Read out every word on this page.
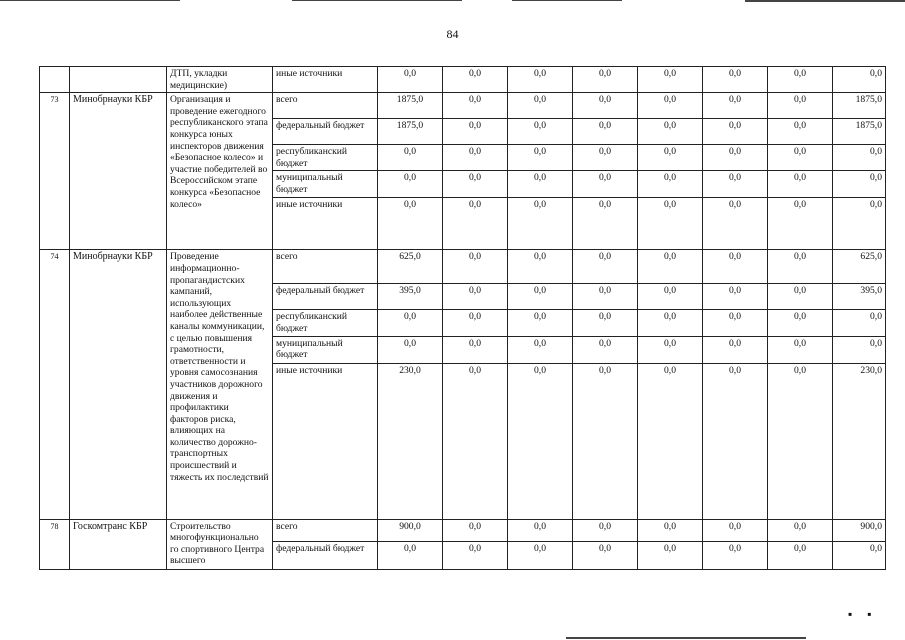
84
		ДТП, укладки медицинские)	иные источники	0,0	0,0	0,0	0,0	0,0	0,0	0,0	0,0
73	Минобрнауки КБР	Организация и проведение ежегодного республиканского этапа конкурса юных инспекторов движения «Безопасное колесо» и участие победителей во Всероссийском этапе конкурса «Безопасное колесо»	всего	1875,0	0,0	0,0	0,0	0,0	0,0	0,0	1875,0
			федеральный бюджет	1875,0	0,0	0,0	0,0	0,0	0,0	0,0	1875,0
			республиканский бюджет	0,0	0,0	0,0	0,0	0,0	0,0	0,0	0,0
			муниципальный бюджет	0,0	0,0	0,0	0,0	0,0	0,0	0,0	0,0
			иные источники	0,0	0,0	0,0	0,0	0,0	0,0	0,0	0,0
74	Минобрнауки КБР	Проведение информационно-пропагандистских кампаний, использующих наиболее действенные каналы коммуникации, с целью повышения грамотности, ответственности и уровня самосознания участников дорожного движения и профилактики факторов риска, влияющих на количество дорожно-транспортных происшествий и тяжесть их последствий	всего	625,0	0,0	0,0	0,0	0,0	0,0	0,0	625,0
			федеральный бюджет	395,0	0,0	0,0	0,0	0,0	0,0	0,0	395,0
			республиканский бюджет	0,0	0,0	0,0	0,0	0,0	0,0	0,0	0,0
			муниципальный бюджет	0,0	0,0	0,0	0,0	0,0	0,0	0,0	0,0
			иные источники	230,0	0,0	0,0	0,0	0,0	0,0	0,0	230,0
78	Госкомтранс КБР	Строительство многофункционально го спортивного Центра высшего	всего	900,0	0,0	0,0	0,0	0,0	0,0	0,0	900,0
			федеральный бюджет	0,0	0,0	0,0	0,0	0,0	0,0	0,0	0,0
▪     ▪
